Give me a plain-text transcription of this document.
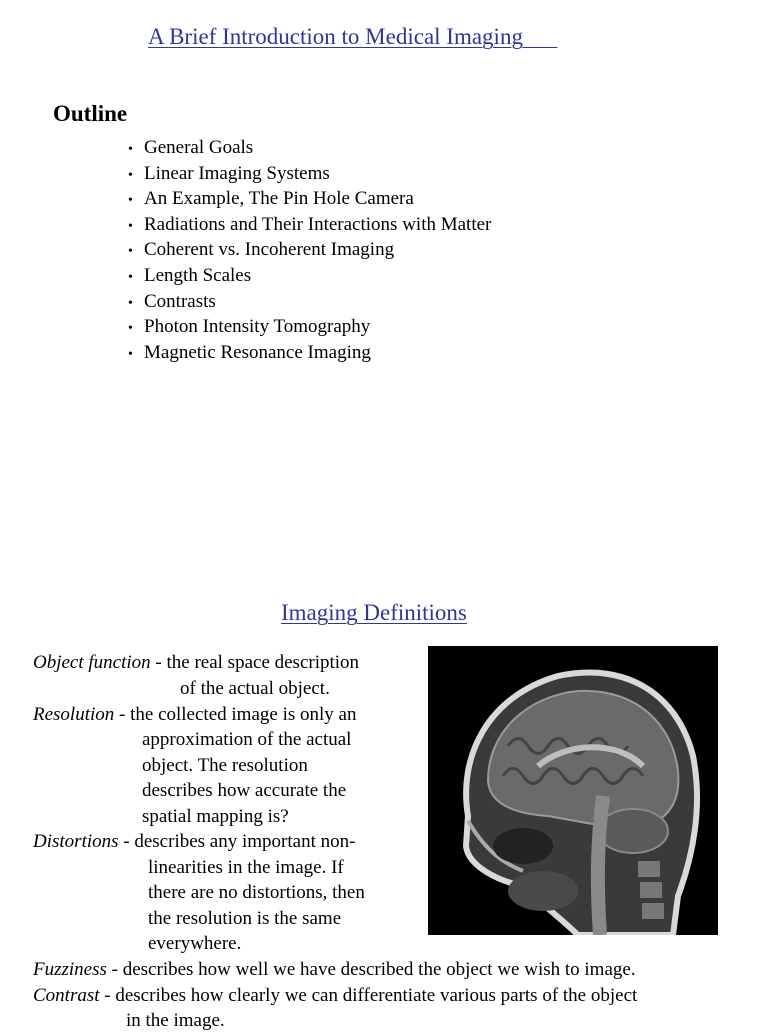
A Brief Introduction to Medical Imaging
Outline
• General Goals
• Linear Imaging Systems
• An Example, The Pin Hole Camera
• Radiations and Their Interactions with Matter
• Coherent vs. Incoherent Imaging
• Length Scales
• Contrasts
• Photon Intensity Tomography
• Magnetic Resonance Imaging
Imaging Definitions
Object function - the real space description
of the actual object.
Resolution - the collected image is only an
approximation of the actual
object. The resolution
describes how accurate the
spatial mapping is?
Distortions - describes any important non-
linearities in the image. If
there are no distortions, then
the resolution is the same
everywhere.
Fuzziness - describes how well we have described the object we wish to image.
Contrast - describes how clearly we can differentiate various parts of the object
in the image.
